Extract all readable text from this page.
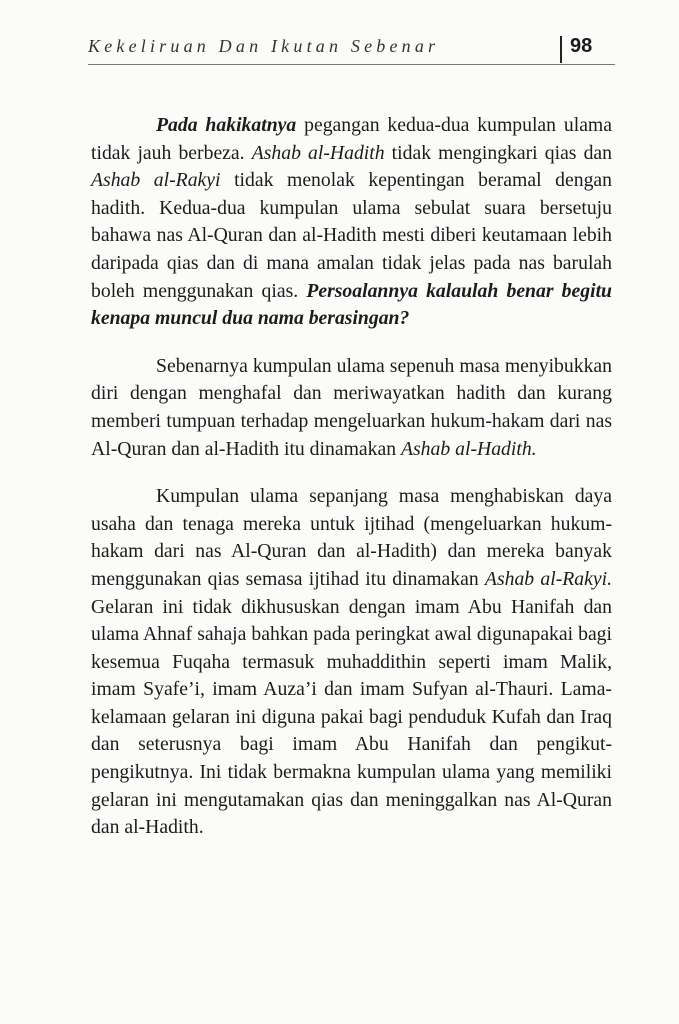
Kekeliruan Dan Ikutan Sebenar	98

Pada hakikatnya pegangan kedua-dua kumpulan ulama tidak jauh berbeza. Ashab al-Hadith tidak mengingkari qias dan Ashab al-Rakyi tidak menolak kepentingan beramal dengan hadith. Kedua-dua kumpulan ulama sebulat suara bersetuju bahawa nas Al-Quran dan al-Hadith mesti diberi keutamaan lebih daripada qias dan di mana amalan tidak jelas pada nas barulah boleh menggunakan qias. Persoalannya kalaulah benar begitu kenapa muncul dua nama berasingan?

Sebenarnya kumpulan ulama sepenuh masa menyibukkan diri dengan menghafal dan meriwayatkan hadith dan kurang memberi tumpuan terhadap mengeluarkan hukum-hakam dari nas Al-Quran dan al-Hadith itu dinamakan Ashab al-Hadith.

Kumpulan ulama sepanjang masa menghabiskan daya usaha dan tenaga mereka untuk ijtihad (mengeluarkan hukum-hakam dari nas Al-Quran dan al-Hadith) dan mereka banyak menggunakan qias semasa ijtihad itu dinamakan Ashab al-Rakyi. Gelaran ini tidak dikhususkan dengan imam Abu Hanifah dan ulama Ahnaf sahaja bahkan pada peringkat awal digunapakai bagi kesemua Fuqaha termasuk muhaddithin seperti imam Malik, imam Syafe’i, imam Auza’i dan imam Sufyan al-Thauri. Lama-kelamaan gelaran ini diguna pakai bagi penduduk Kufah dan Iraq dan seterusnya bagi imam Abu Hanifah dan pengikut-pengikutnya. Ini tidak bermakna kumpulan ulama yang memiliki gelaran ini mengutamakan qias dan meninggalkan nas Al-Quran dan al-Hadith.
